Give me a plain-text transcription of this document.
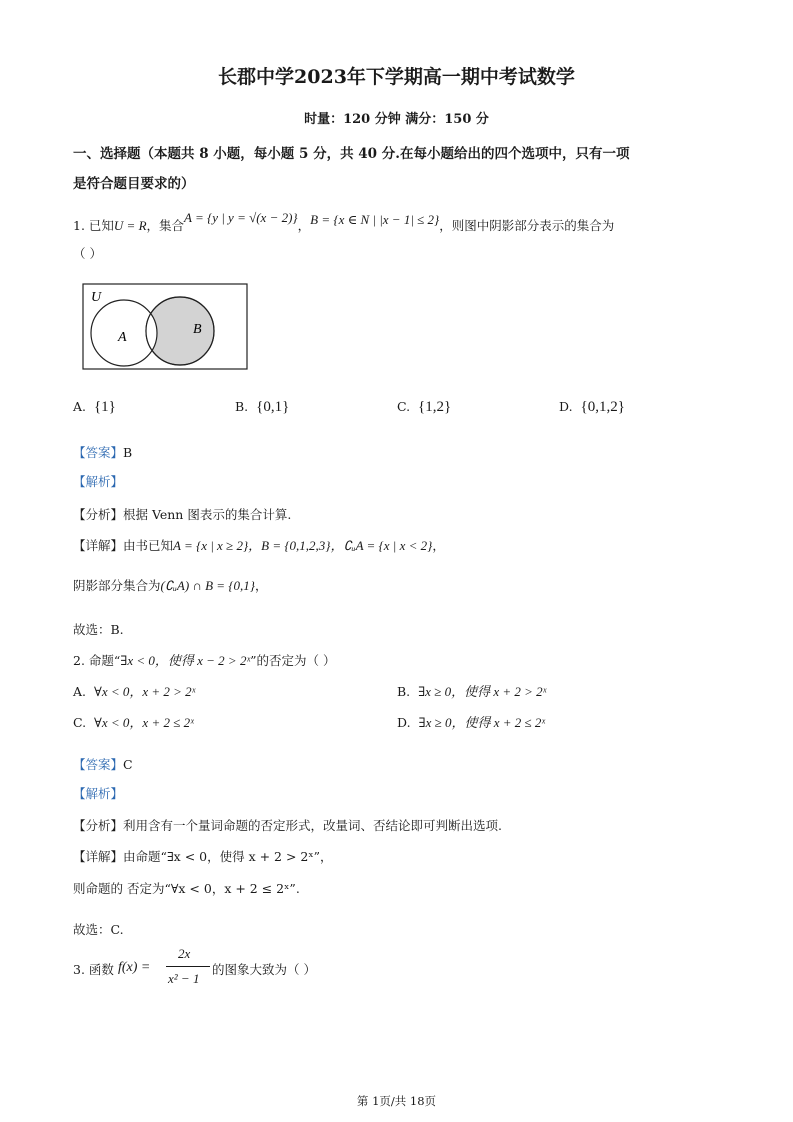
长郡中学2023年下学期高一期中考试数学
时量：120 分钟 满分：150 分
一、选择题（本题共 8 小题，每小题 5 分，共 40 分.在每小题给出的四个选项中，只有一项
是符合题目要求的）
1. 已知U = R，集合A = {y | y = √(x − 2)}，B = {x ∈ N | |x − 1| ≤ 2}，则图中阴影部分表示的集合为
（ ）
U
A
B
A. {1}	B. {0,1}	C. {1,2}	D. {0,1,2}
【答案】B
【解析】
【分析】根据 Venn 图表示的集合计算.
【详解】由书已知A = {x | x ≥ 2}，B = {0,1,2,3}，∁ᵤA = {x | x < 2}，
阴影部分集合为(∁ᵤA) ∩ B = {0,1}，
故选：B.
2. 命题“∃x < 0，使得 x − 2 > 2ˣ”的否定为（ ）
A. ∀x < 0，x + 2 > 2ˣ	B. ∃x ≥ 0，使得 x + 2 > 2ˣ
C. ∀x < 0，x + 2 ≤ 2ˣ	D. ∃x ≥ 0，使得 x + 2 ≤ 2ˣ
【答案】C
【解析】
【分析】利用含有一个量词命题的否定形式，改量词、否结论即可判断出选项.
【详解】由命题“∃x < 0，使得 x + 2 > 2ˣ”，
则命题的 否定为“∀x < 0，x + 2 ≤ 2ˣ”.
故选：C.
3. 函数 f(x) =
2x
x² − 1
的图象大致为（ ）
第 1页/共 18页
